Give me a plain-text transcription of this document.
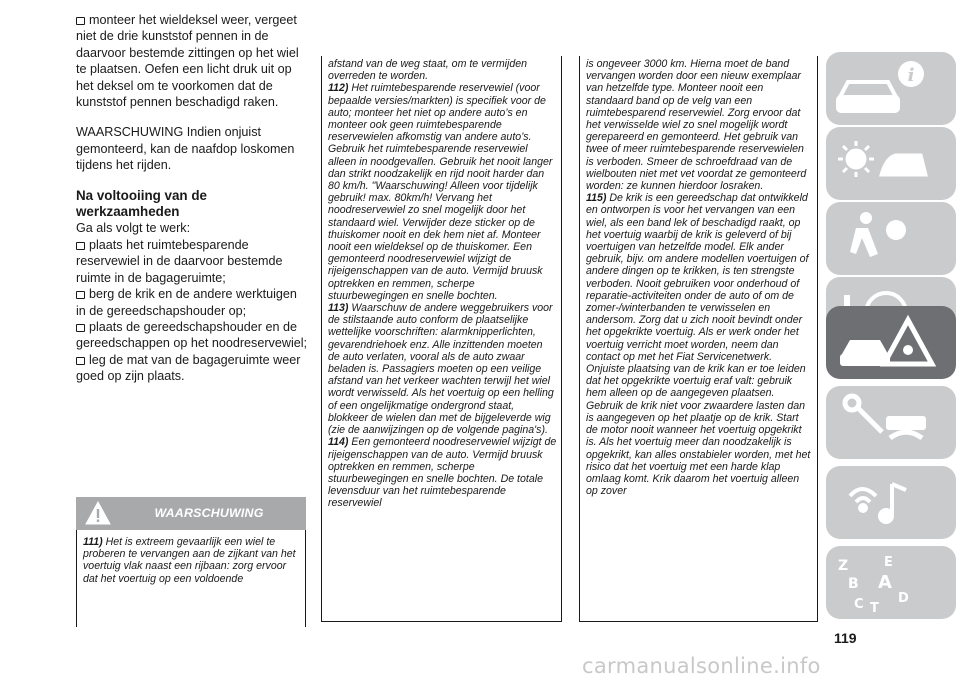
monteer het wieldeksel weer, vergeet niet de drie kunststof pennen in de daarvoor bestemde zittingen op het wiel te plaatsen. Oefen een licht druk uit op het deksel om te voorkomen dat de kunststof pennen beschadigd raken.

WAARSCHUWING Indien onjuist gemonteerd, kan de naafdop loskomen tijdens het rijden.

Na voltooiing van de werkzaamheden

Ga als volgt te werk:

plaats het ruimtebesparende reservewiel in de daarvoor bestemde ruimte in de bagageruimte;

berg de krik en de andere werktuigen in de gereedschapshouder op;

plaats de gereedschapshouder en de gereedschappen op het noodreservewiel;

leg de mat van de bagageruimte weer goed op zijn plaats.

WAARSCHUWING

111) Het is extreem gevaarlijk een wiel te proberen te vervangen aan de zijkant van het voertuig vlak naast een rijbaan: zorg ervoor dat het voertuig op een voldoende

afstand van de weg staat, om te vermijden overreden te worden.

112) Het ruimtebesparende reservewiel (voor bepaalde versies/markten) is specifiek voor de auto; monteer het niet op andere auto’s en monteer ook geen ruimtebesparende reservewielen afkomstig van andere auto’s. Gebruik het ruimtebesparende reservewiel alleen in noodgevallen. Gebruik het nooit langer dan strikt noodzakelijk en rijd nooit harder dan 80 km/h. "Waarschuwing! Alleen voor tijdelijk gebruik! max. 80km/h! Vervang het noodreservewiel zo snel mogelijk door het standaard wiel. Verwijder deze sticker op de thuiskomer nooit en dek hem niet af. Monteer nooit een wieldeksel op de thuiskomer. Een gemonteerd noodreservewiel wijzigt de rijeigenschappen van de auto. Vermijd bruusk optrekken en remmen, scherpe stuurbewegingen en snelle bochten.

113) Waarschuw de andere weggebruikers voor de stilstaande auto conform de plaatselijke wettelijke voorschriften: alarmknipperlichten, gevarendriehoek enz. Alle inzittenden moeten de auto verlaten, vooral als de auto zwaar beladen is. Passagiers moeten op een veilige afstand van het verkeer wachten terwijl het wiel wordt verwisseld. Als het voertuig op een helling of een ongelijkmatige ondergrond staat, blokkeer de wielen dan met de bijgeleverde wig (zie de aanwijzingen op de volgende pagina's).

114) Een gemonteerd noodreservewiel wijzigt de rijeigenschappen van de auto. Vermijd bruusk optrekken en remmen, scherpe stuurbewegingen en snelle bochten. De totale levensduur van het ruimtebesparende reservewiel

is ongeveer 3000 km. Hierna moet de band vervangen worden door een nieuw exemplaar van hetzelfde type. Monteer nooit een standaard band op de velg van een ruimtebesparend reservewiel. Zorg ervoor dat het verwisselde wiel zo snel mogelijk wordt gerepareerd en gemonteerd. Het gebruik van twee of meer ruimtebesparende reservewielen is verboden. Smeer de schroefdraad van de wielbouten niet met vet voordat ze gemonteerd worden: ze kunnen hierdoor losraken.

115) De krik is een gereedschap dat ontwikkeld en ontworpen is voor het vervangen van een wiel, als een band lek of beschadigd raakt, op het voertuig waarbij de krik is geleverd of bij voertuigen van hetzelfde model. Elk ander gebruik, bijv. om andere modellen voertuigen of andere dingen op te krikken, is ten strengste verboden. Nooit gebruiken voor onderhoud of reparatie-activiteiten onder de auto of om de zomer-/winterbanden te verwisselen en andersom. Zorg dat u zich nooit bevindt onder het opgekrikte voertuig. Als er werk onder het voertuig verricht moet worden, neem dan contact op met het Fiat Servicenetwerk. Onjuiste plaatsing van de krik kan er toe leiden dat het opgekrikte voertuig eraf valt: gebruik hem alleen op de aangegeven plaatsen. Gebruik de krik niet voor zwaardere lasten dan is aangegeven op het plaatje op de krik. Start de motor nooit wanneer het voertuig opgekrikt is. Als het voertuig meer dan noodzakelijk is opgekrikt, kan alles onstabieler worden, met het risico dat het voertuig met een harde klap omlaag komt. Krik daarom het voertuig alleen op zover

i
Z	E
B A
C T
D
119
carmanualsonline.info
